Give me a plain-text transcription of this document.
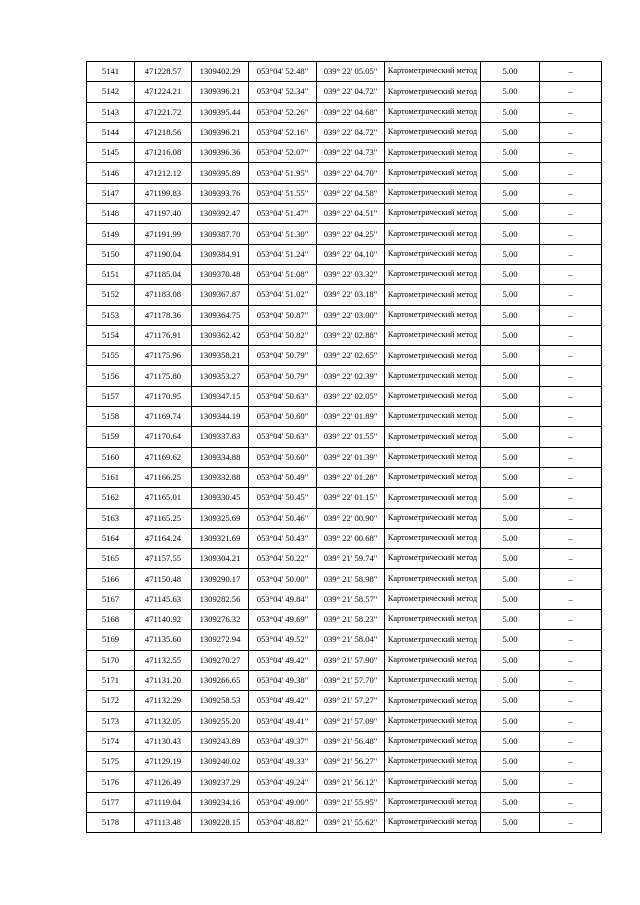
5141	471228.57	1309402.29	053°04' 52.48"	039° 22' 05.05"	Картометрический метод	5.00	–
5142	471224.21	1309396.21	053°04' 52.34"	039° 22' 04.72"	Картометрический метод	5.00	–
5143	471221.72	1309395.44	053°04' 52.26"	039° 22' 04.68"	Картометрический метод	5.00	–
5144	471218.56	1309396.21	053°04' 52.16"	039° 22' 04.72"	Картометрический метод	5.00	–
5145	471216.08	1309396.36	053°04' 52.07"	039° 22' 04.73"	Картометрический метод	5.00	–
5146	471212.12	1309395.89	053°04' 51.95"	039° 22' 04.70"	Картометрический метод	5.00	–
5147	471199.83	1309393.76	053°04' 51.55"	039° 22' 04.58"	Картометрический метод	5.00	–
5148	471197.40	1309392.47	053°04' 51.47"	039° 22' 04.51"	Картометрический метод	5.00	–
5149	471191.99	1309387.70	053°04' 51.30"	039° 22' 04.25"	Картометрический метод	5.00	–
5150	471190.04	1309384.91	053°04' 51.24"	039° 22' 04.10"	Картометрический метод	5.00	–
5151	471185.04	1309370.48	053°04' 51.08"	039° 22' 03.32"	Картометрический метод	5.00	–
5152	471183.08	1309367.87	053°04' 51.02"	039° 22' 03.18"	Картометрический метод	5.00	–
5153	471178.36	1309364.75	053°04' 50.87"	039° 22' 03.00"	Картометрический метод	5.00	–
5154	471176.91	1309362.42	053°04' 50.82"	039° 22' 02.88"	Картометрический метод	5.00	–
5155	471175.96	1309358.21	053°04' 50.79"	039° 22' 02.65"	Картометрический метод	5.00	–
5156	471175.80	1309353.27	053°04' 50.79"	039° 22' 02.39"	Картометрический метод	5.00	–
5157	471170.95	1309347.15	053°04' 50.63"	039° 22' 02.05"	Картометрический метод	5.00	–
5158	471169.74	1309344.19	053°04' 50.60"	039° 22' 01.89"	Картометрический метод	5.00	–
5159	471170.64	1309337.83	053°04' 50.63"	039° 22' 01.55"	Картометрический метод	5.00	–
5160	471169.62	1309334.88	053°04' 50.60"	039° 22' 01.39"	Картометрический метод	5.00	–
5161	471166.25	1309332.88	053°04' 50.49"	039° 22' 01.28"	Картометрический метод	5.00	–
5162	471165.01	1309330.45	053°04' 50.45"	039° 22' 01.15"	Картометрический метод	5.00	–
5163	471165.25	1309325.69	053°04' 50.46"	039° 22' 00.90"	Картометрический метод	5.00	–
5164	471164.24	1309321.69	053°04' 50.43"	039° 22' 00.68"	Картометрический метод	5.00	–
5165	471157.55	1309304.21	053°04' 50.22"	039° 21' 59.74"	Картометрический метод	5.00	–
5166	471150.48	1309290.17	053°04' 50.00"	039° 21' 58.98"	Картометрический метод	5.00	–
5167	471145.63	1309282.56	053°04' 49.84"	039° 21' 58.57"	Картометрический метод	5.00	–
5168	471140.92	1309276.32	053°04' 49.69"	039° 21' 58.23"	Картометрический метод	5.00	–
5169	471135.60	1309272.94	053°04' 49.52"	039° 21' 58.04"	Картометрический метод	5.00	–
5170	471132.55	1309270.27	053°04' 49.42"	039° 21' 57.90"	Картометрический метод	5.00	–
5171	471131.20	1309266.65	053°04' 49.38"	039° 21' 57.70"	Картометрический метод	5.00	–
5172	471132.29	1309258.53	053°04' 49.42"	039° 21' 57.27"	Картометрический метод	5.00	–
5173	471132.05	1309255.20	053°04' 49.41"	039° 21' 57.09"	Картометрический метод	5.00	–
5174	471130.43	1309243.89	053°04' 49.37"	039° 21' 56.48"	Картометрический метод	5.00	–
5175	471129.19	1309240.02	053°04' 49.33"	039° 21' 56.27"	Картометрический метод	5.00	–
5176	471126.49	1309237.29	053°04' 49.24"	039° 21' 56.12"	Картометрический метод	5.00	–
5177	471119.04	1309234.16	053°04' 49.00"	039° 21' 55.95"	Картометрический метод	5.00	–
5178	471113.48	1309228.15	053°04' 48.82"	039° 21' 55.62"	Картометрический метод	5.00	–
